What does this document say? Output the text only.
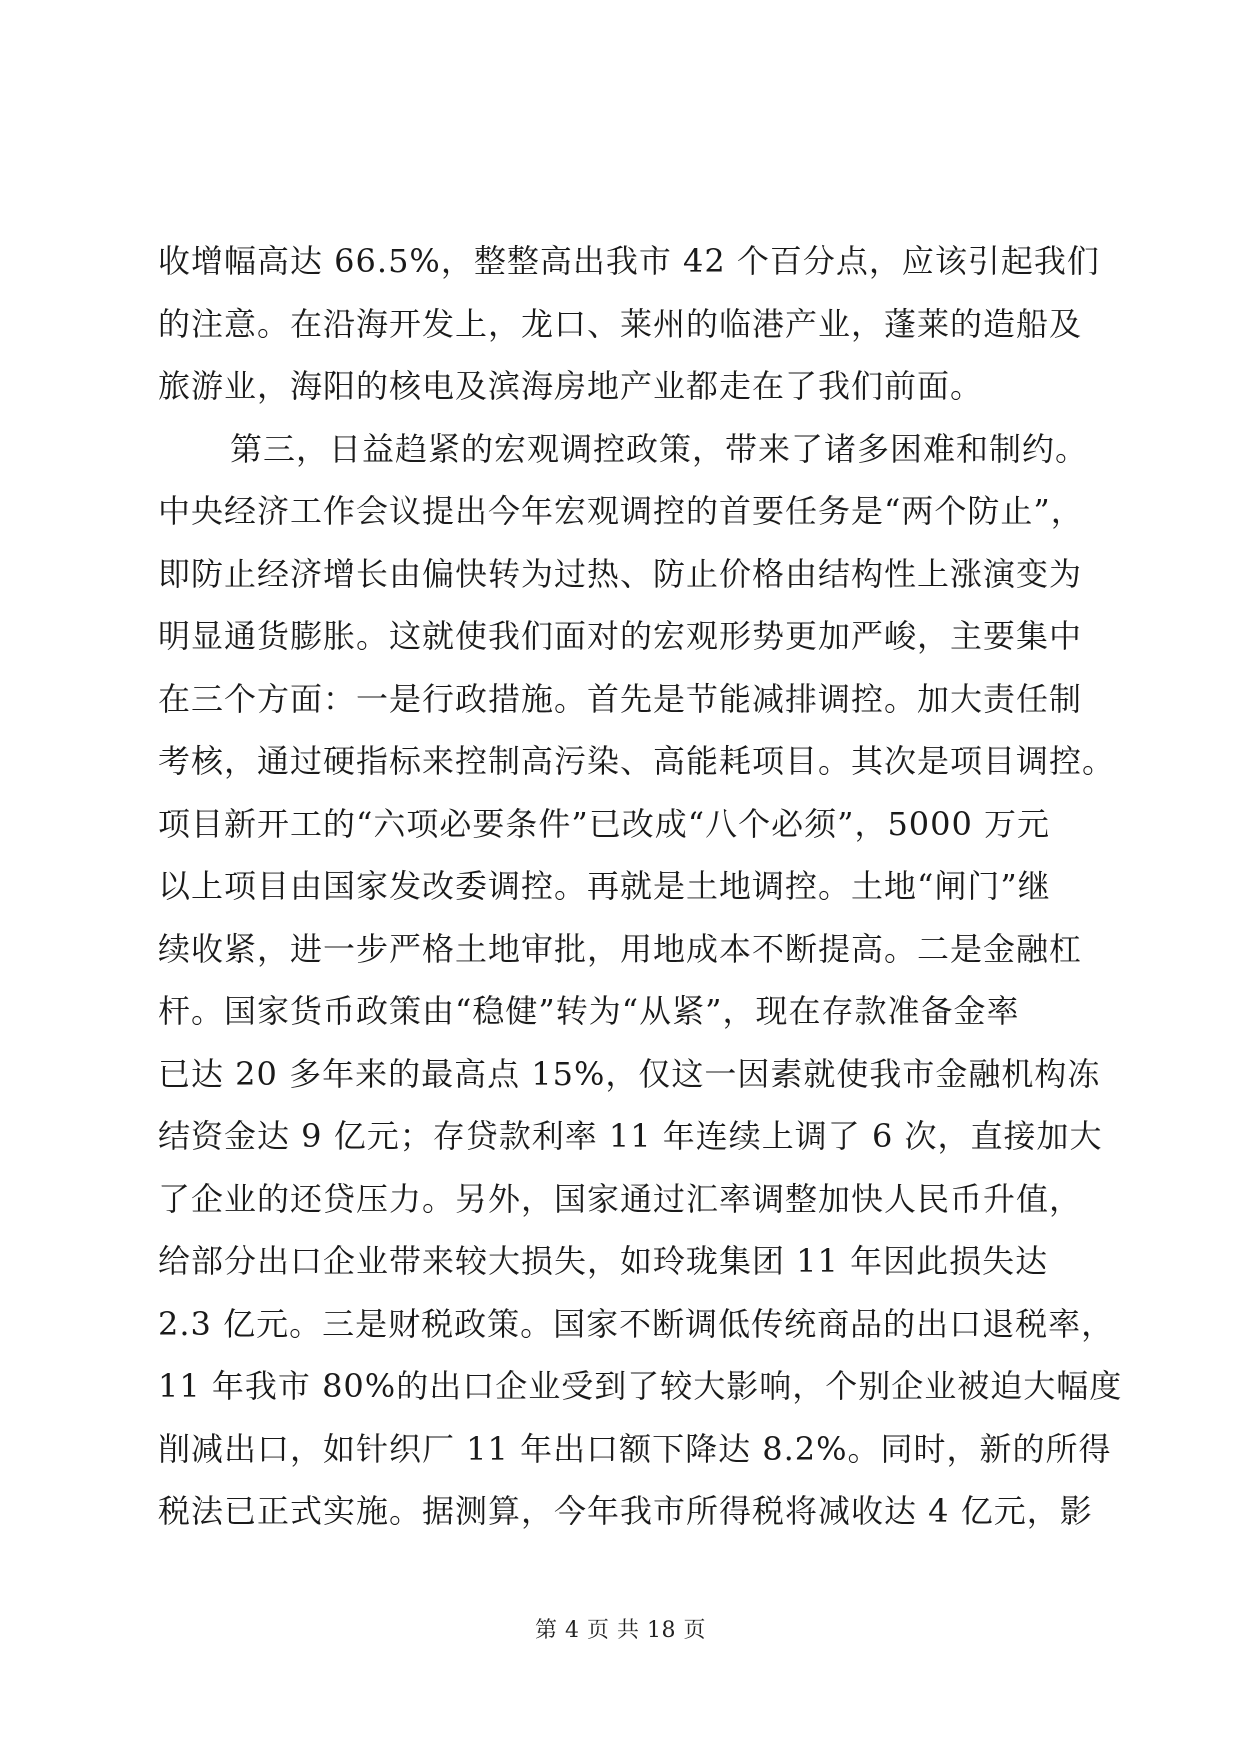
收增幅高达 66.5%，整整高出我市 42 个百分点，应该引起我们
的注意。在沿海开发上，龙口、莱州的临港产业，蓬莱的造船及
旅游业，海阳的核电及滨海房地产业都走在了我们前面。
第三，日益趋紧的宏观调控政策，带来了诸多困难和制约。
中央经济工作会议提出今年宏观调控的首要任务是“两个防止”，
即防止经济增长由偏快转为过热、防止价格由结构性上涨演变为
明显通货膨胀。这就使我们面对的宏观形势更加严峻，主要集中
在三个方面：一是行政措施。首先是节能减排调控。加大责任制
考核，通过硬指标来控制高污染、高能耗项目。其次是项目调控。
项目新开工的“六项必要条件”已改成“八个必须”，5000 万元
以上项目由国家发改委调控。再就是土地调控。土地“闸门”继
续收紧，进一步严格土地审批，用地成本不断提高。二是金融杠
杆。国家货币政策由“稳健”转为“从紧”，现在存款准备金率
已达 20 多年来的最高点 15%，仅这一因素就使我市金融机构冻
结资金达 9 亿元；存贷款利率 11 年连续上调了 6 次，直接加大
了企业的还贷压力。另外，国家通过汇率调整加快人民币升值，
给部分出口企业带来较大损失，如玲珑集团 11 年因此损失达
2.3 亿元。三是财税政策。国家不断调低传统商品的出口退税率，
11 年我市 80%的出口企业受到了较大影响，个别企业被迫大幅度
削减出口，如针织厂 11 年出口额下降达 8.2%。同时，新的所得
税法已正式实施。据测算，今年我市所得税将减收达 4 亿元，影
第 4 页 共 18 页
